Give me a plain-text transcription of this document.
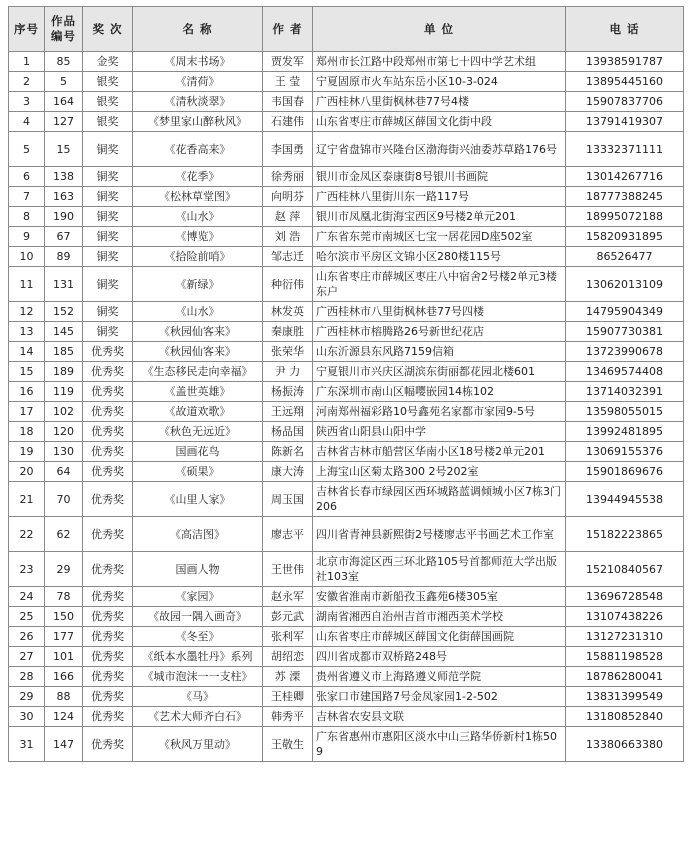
序号	作品编号	奖 次	名 称	作 者	单 位	电 话
1	85	金奖	《周末书场》	贾发军	郑州市长江路中段郑州市第七十四中学艺术组	13938591787
2	5	银奖	《清荷》	王 莹	宁夏固原市火车站东岳小区10-3-024	13895445160
3	164	银奖	《清秋淡翠》	韦国春	广西桂林八里街枫林巷77号4楼	15907837706
4	127	银奖	《梦里家山醉秋风》	石建伟	山东省枣庄市薛城区薛国文化街中段	13791419307
5	15	铜奖	《花香高来》	李国勇	辽宁省盘锦市兴隆台区渤海街兴油委苏草路176号	13332371111
6	138	铜奖	《花季》	徐秀丽	银川市金凤区泰康街8号银川书画院	13014267716
7	163	铜奖	《松林草堂图》	向明芬	广西桂林八里街川东一路117号	18777388245
8	190	铜奖	《山水》	赵 萍	银川市凤凰北街海宝西区9号楼2单元201	18995072188
9	67	铜奖	《博览》	刘 浩	广东省东莞市南城区七宝一居花园D座502室	15820931895
10	89	铜奖	《拾险前哨》	邹志迁	哈尔滨市平房区文锦小区280楼115号	86526477
11	131	铜奖	《新绿》	种衍伟	山东省枣庄市薛城区枣庄八中宿舍2号楼2单元3楼东户	13062013109
12	152	铜奖	《山水》	林发英	广西桂林市八里街枫林巷77号四楼	14795904349
13	145	铜奖	《秋园仙客来》	秦康胜	广西桂林市榕腾路26号新世纪花店	15907730381
14	185	优秀奖	《秋园仙客来》	张荣华	山东沂源县东风路7159信箱	13723990678
15	189	优秀奖	《生态移民走向幸福》	尹 力	宁夏银川市兴庆区湖滨东街丽都花园北楼601	13469574408
16	119	优秀奖	《盖世英雄》	杨振涛	广东深圳市南山区幅嘤嵌园14栋102	13714032391
17	102	优秀奖	《故道欢歌》	王远翔	河南郑州福彩路10号鑫苑名家都市家园9-5号	13598055015
18	120	优秀奖	《秋色无远近》	杨品国	陕西省山阳县山阳中学	13992481895
19	130	优秀奖	国画花鸟	陈新名	吉林省吉林市船营区华南小区18号楼2单元201	13069155376
20	64	优秀奖	《硕果》	康大涛	上海宝山区菊太路300 2号202室	15901869676
21	70	优秀奖	《山里人家》	周玉国	吉林省长春市绿园区西环城路蓝调倾城小区7栋3门206	13944945538
22	62	优秀奖	《高洁图》	廖志平	四川省青神县新熙街2号楼廖志平书画艺术工作室	15182223865
23	29	优秀奖	国画人物	王世伟	北京市海淀区西三环北路105号首都师范大学出版社103室	15210840567
24	78	优秀奖	《家园》	赵永军	安徽省淮南市新船孜玉鑫苑6楼305室	13696728548
25	150	优秀奖	《故园一隅入画奇》	彭元武	湖南省湘西自治州吉首市湘西美术学校	13107438226
26	177	优秀奖	《冬至》	张利军	山东省枣庄市薛城区薛国文化街薛国画院	13127231310
27	101	优秀奖	《纸本水墨牡丹》系列	胡绍恋	四川省成都市双桥路248号	15881198528
28	166	优秀奖	《城市泡沫一一支柱》	苏 溧	贵州省遵义市上海路遵义师范学院	18786280041
29	88	优秀奖	《马》	王桂卿	张家口市建国路7号金凤家园1-2-502	13831399549
30	124	优秀奖	《艺术大师齐白石》	韩秀平	吉林省农安县文联	13180852840
31	147	优秀奖	《秋风万里动》	王敬生	广东省惠州市惠阳区淡水中山三路华侨新村1栋509	13380663380
